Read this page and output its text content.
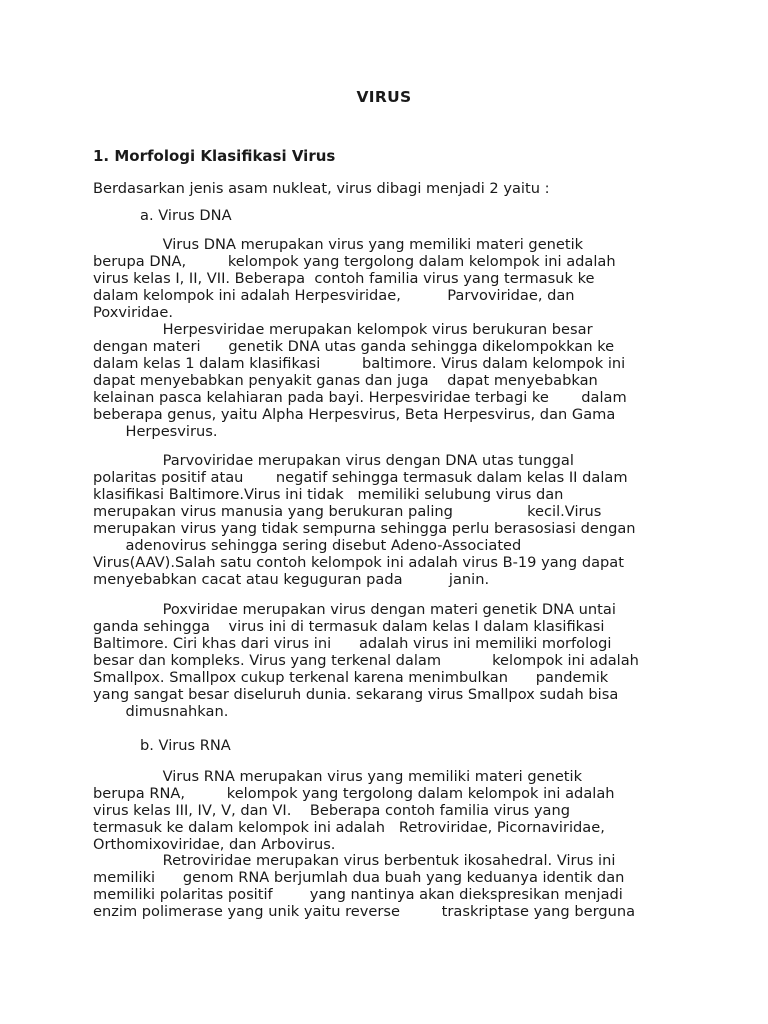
VIRUS
1. Morfologi Klasifikasi Virus
Berdasarkan jenis asam nukleat, virus dibagi menjadi 2 yaitu :
a. Virus DNA
Virus DNA merupakan virus yang memiliki materi genetik
berupa DNA,         kelompok yang tergolong dalam kelompok ini adalah
virus kelas I, II, VII. Beberapa  contoh familia virus yang termasuk ke
dalam kelompok ini adalah Herpesviridae,          Parvoviridae, dan
Poxviridae.
Herpesviridae merupakan kelompok virus berukuran besar
dengan materi      genetik DNA utas ganda sehingga dikelompokkan ke
dalam kelas 1 dalam klasifikasi         baltimore. Virus dalam kelompok ini
dapat menyebabkan penyakit ganas dan juga    dapat menyebabkan
kelainan pasca kelahiaran pada bayi. Herpesviridae terbagi ke       dalam
beberapa genus, yaitu Alpha Herpesvirus, Beta Herpesvirus, dan Gama
Herpesvirus.
Parvoviridae merupakan virus dengan DNA utas tunggal
polaritas positif atau       negatif sehingga termasuk dalam kelas II dalam
klasifikasi Baltimore.Virus ini tidak   memiliki selubung virus dan
merupakan virus manusia yang berukuran paling                kecil.Virus
merupakan virus yang tidak sempurna sehingga perlu berasosiasi dengan
adenovirus sehingga sering disebut Adeno-Associated
Virus(AAV).Salah satu contoh kelompok ini adalah virus B-19 yang dapat
menyebabkan cacat atau keguguran pada          janin.
Poxviridae merupakan virus dengan materi genetik DNA untai
ganda sehingga    virus ini di termasuk dalam kelas I dalam klasifikasi
Baltimore. Ciri khas dari virus ini      adalah virus ini memiliki morfologi
besar dan kompleks. Virus yang terkenal dalam           kelompok ini adalah
Smallpox. Smallpox cukup terkenal karena menimbulkan      pandemik
yang sangat besar diseluruh dunia. sekarang virus Smallpox sudah bisa
dimusnahkan.
b. Virus RNA
Virus RNA merupakan virus yang memiliki materi genetik
berupa RNA,         kelompok yang tergolong dalam kelompok ini adalah
virus kelas III, IV, V, dan VI.    Beberapa contoh familia virus yang
termasuk ke dalam kelompok ini adalah   Retroviridae, Picornaviridae,
Orthomixoviridae, dan Arbovirus.
Retroviridae merupakan virus berbentuk ikosahedral. Virus ini
memiliki      genom RNA berjumlah dua buah yang keduanya identik dan
memiliki polaritas positif        yang nantinya akan diekspresikan menjadi
enzim polimerase yang unik yaitu reverse         traskriptase yang berguna
